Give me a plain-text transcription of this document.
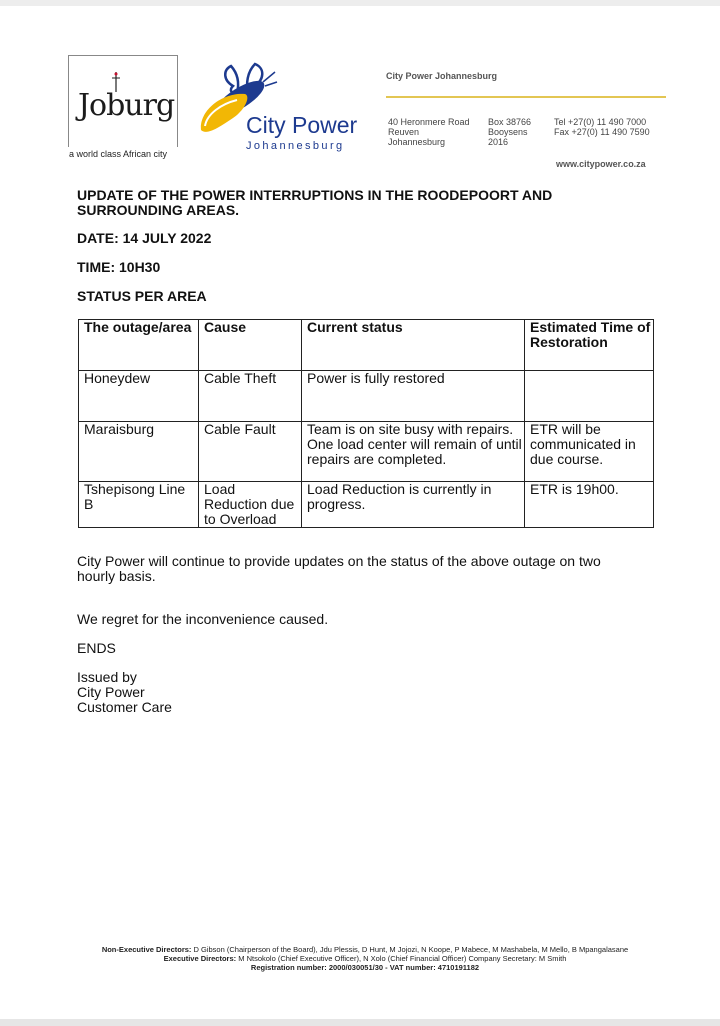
Joburg
a world class African city
City Power
Johannesburg
City Power Johannesburg
40 Heronmere Road
Reuven
Johannesburg
Box 38766
Booysens
2016
Tel +27(0) 11 490 7000
Fax +27(0) 11 490 7590
www.citypower.co.za
UPDATE OF THE POWER INTERRUPTIONS IN THE ROODEPOORT AND SURROUNDING AREAS.
DATE: 14 JULY 2022
TIME: 10H30
STATUS PER AREA
The outage/area	Cause	Current status	Estimated Time of Restoration
Honeydew	Cable Theft	Power is fully restored	
Maraisburg	Cable Fault	Team is on site busy with repairs. One load center will remain of until repairs are completed.	ETR will be communicated in due course.
Tshepisong Line B	Load Reduction due to Overload	Load Reduction is currently in progress.	ETR is 19h00.
City Power will continue to provide updates on the status of the above outage on two hourly basis.
We regret for the inconvenience caused.
ENDS
Issued by
City Power
Customer Care
Non-Executive Directors: D Gibson (Chairperson of the Board), Jdu Plessis, D Hunt, M Jojozi, N Koope, P Mabece, M Mashabela, M Mello, B Mpangalasane
Executive Directors: M Ntsokolo (Chief Executive Officer), N Xolo (Chief Financial Officer) Company Secretary: M Smith
Registration number: 2000/030051/30 - VAT number: 4710191182
